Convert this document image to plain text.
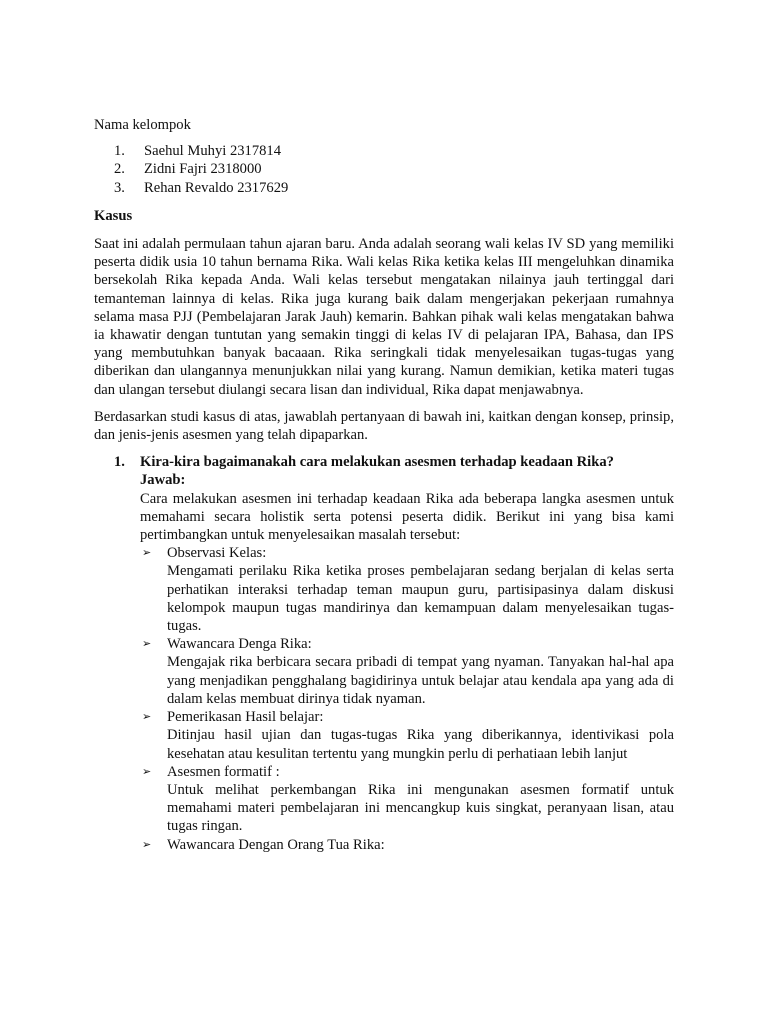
Nama kelompok

1.	Saehul Muhyi 2317814
2.	Zidni Fajri 2318000
3.	Rehan Revaldo 2317629

Kasus

Saat ini adalah permulaan tahun ajaran baru. Anda adalah seorang wali kelas IV SD yang memiliki peserta didik usia 10 tahun bernama Rika. Wali kelas Rika ketika kelas III mengeluhkan dinamika bersekolah Rika kepada Anda. Wali kelas tersebut mengatakan nilainya jauh tertinggal dari temanteman lainnya di kelas. Rika juga kurang baik dalam mengerjakan pekerjaan rumahnya selama masa PJJ (Pembelajaran Jarak Jauh) kemarin. Bahkan pihak wali kelas mengatakan bahwa ia khawatir dengan tuntutan yang semakin tinggi di kelas IV di pelajaran IPA, Bahasa, dan IPS yang membutuhkan banyak bacaaan. Rika seringkali tidak menyelesaikan tugas-tugas yang diberikan dan ulangannya menunjukkan nilai yang kurang. Namun demikian, ketika materi tugas dan ulangan tersebut diulangi secara lisan dan individual, Rika dapat menjawabnya.

Berdasarkan studi kasus di atas, jawablah pertanyaan di bawah ini, kaitkan dengan konsep, prinsip, dan jenis-jenis asesmen yang telah dipaparkan.

1.	Kira-kira bagaimanakah cara melakukan asesmen terhadap keadaan Rika?

Jawab:

Cara melakukan asesmen ini terhadap keadaan Rika ada beberapa langka asesmen untuk memahami secara holistik serta potensi peserta didik. Berikut ini yang bisa kami pertimbangkan untuk menyelesaikan masalah tersebut:

➢	Observasi Kelas:

Mengamati perilaku Rika ketika proses pembelajaran sedang berjalan di kelas serta perhatikan interaksi terhadap teman maupun guru, partisipasinya dalam diskusi kelompok maupun tugas mandirinya dan kemampuan dalam menyelesaikan tugas-tugas.

➢	Wawancara Denga Rika:

Mengajak rika berbicara secara pribadi di tempat yang nyaman. Tanyakan hal-hal apa yang menjadikan pengghalang bagidirinya untuk belajar atau kendala apa yang ada di dalam kelas membuat dirinya tidak nyaman.

➢	Pemerikasan Hasil belajar:

Ditinjau hasil ujian dan tugas-tugas Rika yang diberikannya, identivikasi pola kesehatan atau kesulitan tertentu yang mungkin perlu di perhatiaan lebih lanjut

➢	Asesmen formatif :

Untuk melihat perkembangan Rika ini mengunakan asesmen formatif untuk memahami materi pembelajaran ini mencangkup kuis singkat, peranyaan lisan, atau tugas ringan.

➢	Wawancara Dengan Orang Tua Rika:
